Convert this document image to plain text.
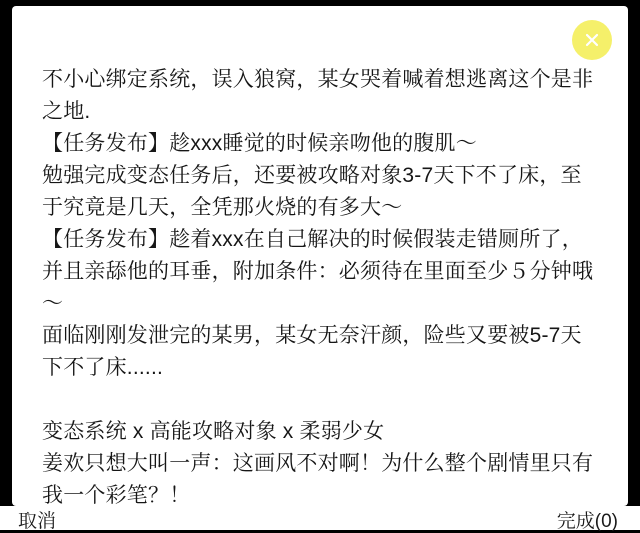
不小心绑定系统，误入狼窝，某女哭着喊着想逃离这个是非之地.

【任务发布】趁xxx睡觉的时候亲吻他的腹肌～

勉强完成变态任务后，还要被攻略对象3-7天下不了床，至于究竟是几天，全凭那火烧的有多大～

【任务发布】趁着xxx在自己解决的时候假装走错厕所了，并且亲舔他的耳垂，附加条件：必须待在里面至少５分钟哦～

面临刚刚发泄完的某男，某女无奈汗颜，险些又要被5-7天下不了床......

变态系统 x 高能攻略对象 x 柔弱少女

姜欢只想大叫一声：这画风不对啊！为什么整个剧情里只有我一个彩笔？！

取消	完成(0)
